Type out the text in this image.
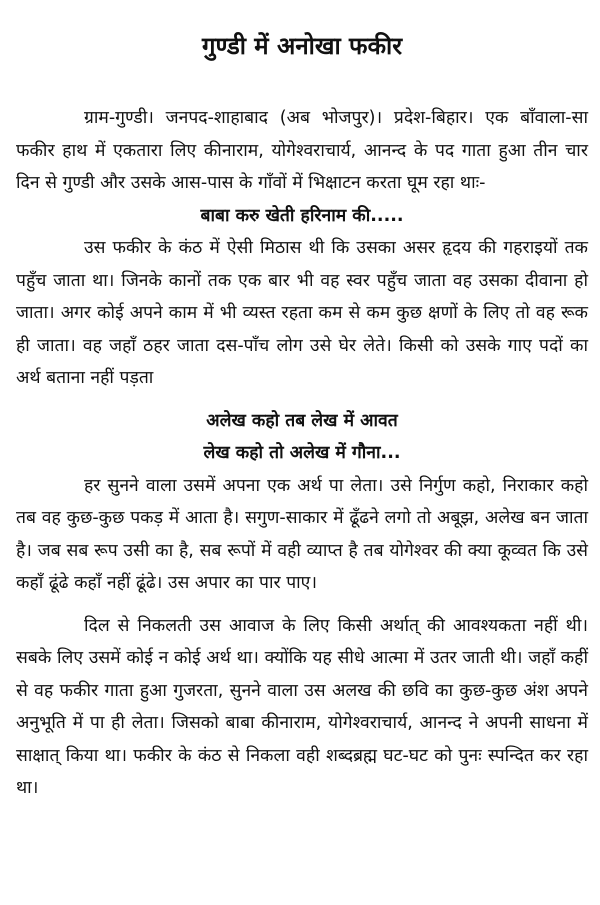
गुण्डी में अनोखा फकीर

ग्राम-गुण्डी। जनपद-शाहाबाद (अब भोजपुर)। प्रदेश-बिहार। एक बाँवाला-सा फकीर हाथ में एकतारा लिए कीनाराम, योगेश्वराचार्य, आनन्द के पद गाता हुआ तीन चार दिन से गुण्डी और उसके आस-पास के गाँवों में भिक्षाटन करता घूम रहा थाः-

बाबा करु खेती हरिनाम की.....

उस फकीर के कंठ में ऐसी मिठास थी कि उसका असर हृदय की गहराइयों तक पहुँच जाता था। जिनके कानों तक एक बार भी वह स्वर पहुँच जाता वह उसका दीवाना हो जाता। अगर कोई अपने काम में भी व्यस्त रहता कम से कम कुछ क्षणों के लिए तो वह रूक ही जाता। वह जहाँ ठहर जाता दस-पाँच लोग उसे घेर लेते। किसी को उसके गाए पदों का अर्थ बताना नहीं पड़ता

अलेख कहो तब लेख में आवत

लेख कहो तो अलेख में गौना...

हर सुनने वाला उसमें अपना एक अर्थ पा लेता। उसे निर्गुण कहो, निराकार कहो तब वह कुछ-कुछ पकड़ में आता है। सगुण-साकार में ढूँढने लगो तो अबूझ, अलेख बन जाता है। जब सब रूप उसी का है, सब रूपों में वही व्याप्त है तब योगेश्वर की क्या कूव्वत कि उसे कहाँ ढूंढे कहाँ नहीं ढूंढे। उस अपार का पार पाए।

दिल से निकलती उस आवाज के लिए किसी अर्थात् की आवश्यकता नहीं थी। सबके लिए उसमें कोई न कोई अर्थ था। क्योंकि यह सीधे आत्मा में उतर जाती थी। जहाँ कहीं से वह फकीर गाता हुआ गुजरता, सुनने वाला उस अलख की छवि का कुछ-कुछ अंश अपने अनुभूति में पा ही लेता। जिसको बाबा कीनाराम, योगेश्वराचार्य, आनन्द ने अपनी साधना में साक्षात् किया था। फकीर के कंठ से निकला वही शब्दब्रह्म घट-घट को पुनः स्पन्दित कर रहा था।
